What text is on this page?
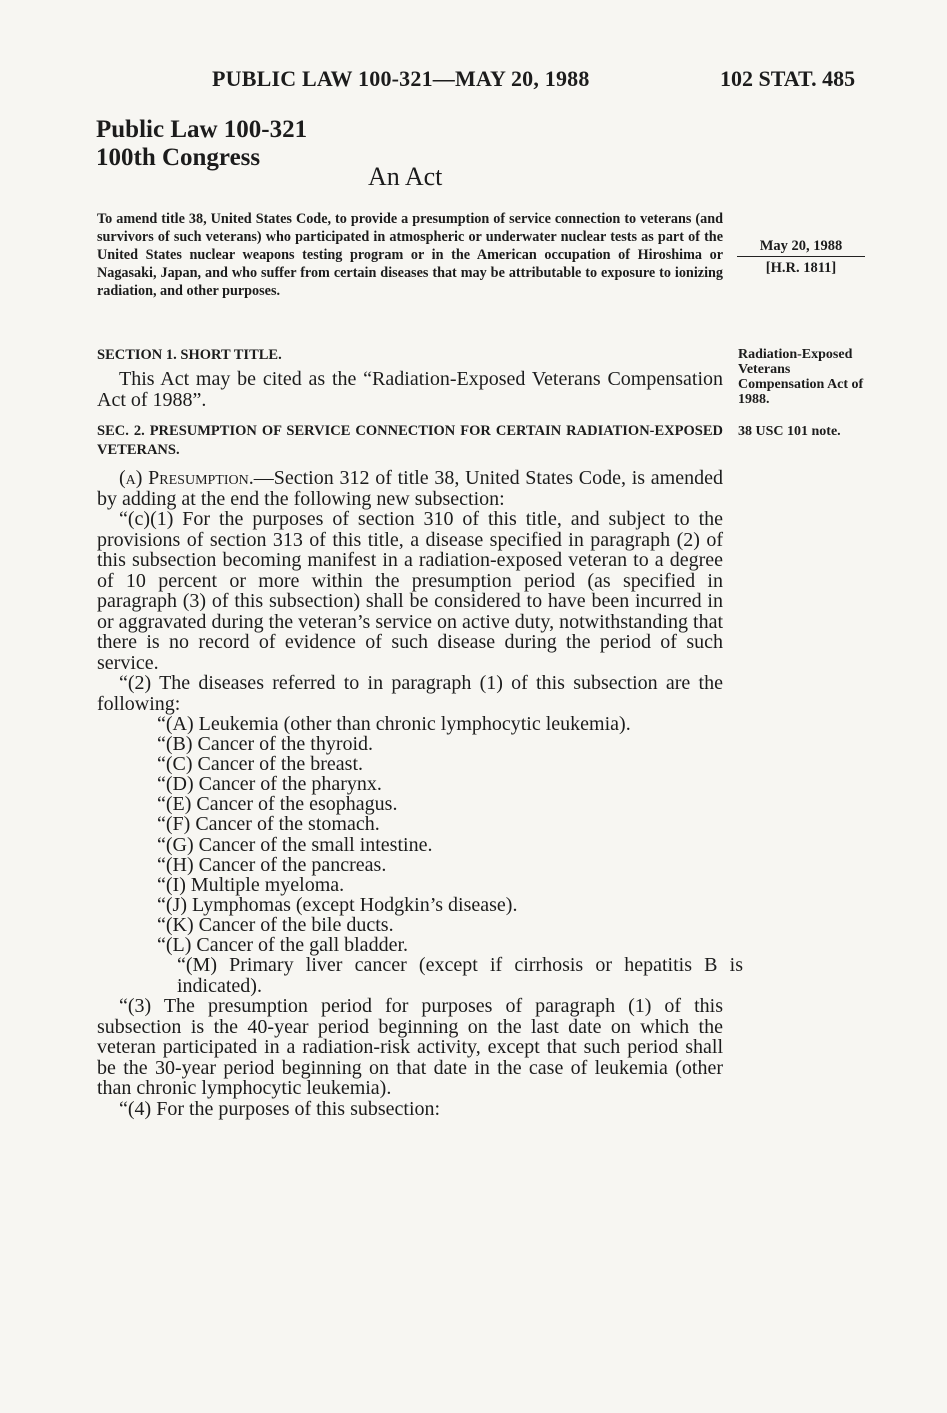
PUBLIC LAW 100-321—MAY 20, 1988	102 STAT. 485
Public Law 100-321
100th Congress
An Act
To amend title 38, United States Code, to provide a presumption of service connection to veterans (and survivors of such veterans) who participated in atmospheric or underwater nuclear tests as part of the United States nuclear weapons testing program or in the American occupation of Hiroshima or Nagasaki, Japan, and who suffer from certain diseases that may be attributable to exposure to ionizing radiation, and other purposes.
May 20, 1988
[H.R. 1811]
Radiation-Exposed Veterans Compensation Act of 1988.
38 USC 101 note.
SECTION 1. SHORT TITLE.
This Act may be cited as the “Radiation-Exposed Veterans Compensation Act of 1988”.
SEC. 2. PRESUMPTION OF SERVICE CONNECTION FOR CERTAIN RADIATION-EXPOSED VETERANS.
(a) Presumption.—Section 312 of title 38, United States Code, is amended by adding at the end the following new subsection:
“(c)(1) For the purposes of section 310 of this title, and subject to the provisions of section 313 of this title, a disease specified in paragraph (2) of this subsection becoming manifest in a radiation-exposed veteran to a degree of 10 percent or more within the presumption period (as specified in paragraph (3) of this subsection) shall be considered to have been incurred in or aggravated during the veteran’s service on active duty, notwithstanding that there is no record of evidence of such disease during the period of such service.
“(2) The diseases referred to in paragraph (1) of this subsection are the following:
“(A) Leukemia (other than chronic lymphocytic leukemia).
“(B) Cancer of the thyroid.
“(C) Cancer of the breast.
“(D) Cancer of the pharynx.
“(E) Cancer of the esophagus.
“(F) Cancer of the stomach.
“(G) Cancer of the small intestine.
“(H) Cancer of the pancreas.
“(I) Multiple myeloma.
“(J) Lymphomas (except Hodgkin’s disease).
“(K) Cancer of the bile ducts.
“(L) Cancer of the gall bladder.
“(M) Primary liver cancer (except if cirrhosis or hepatitis B is indicated).
“(3) The presumption period for purposes of paragraph (1) of this subsection is the 40-year period beginning on the last date on which the veteran participated in a radiation-risk activity, except that such period shall be the 30-year period beginning on that date in the case of leukemia (other than chronic lymphocytic leukemia).
“(4) For the purposes of this subsection:
